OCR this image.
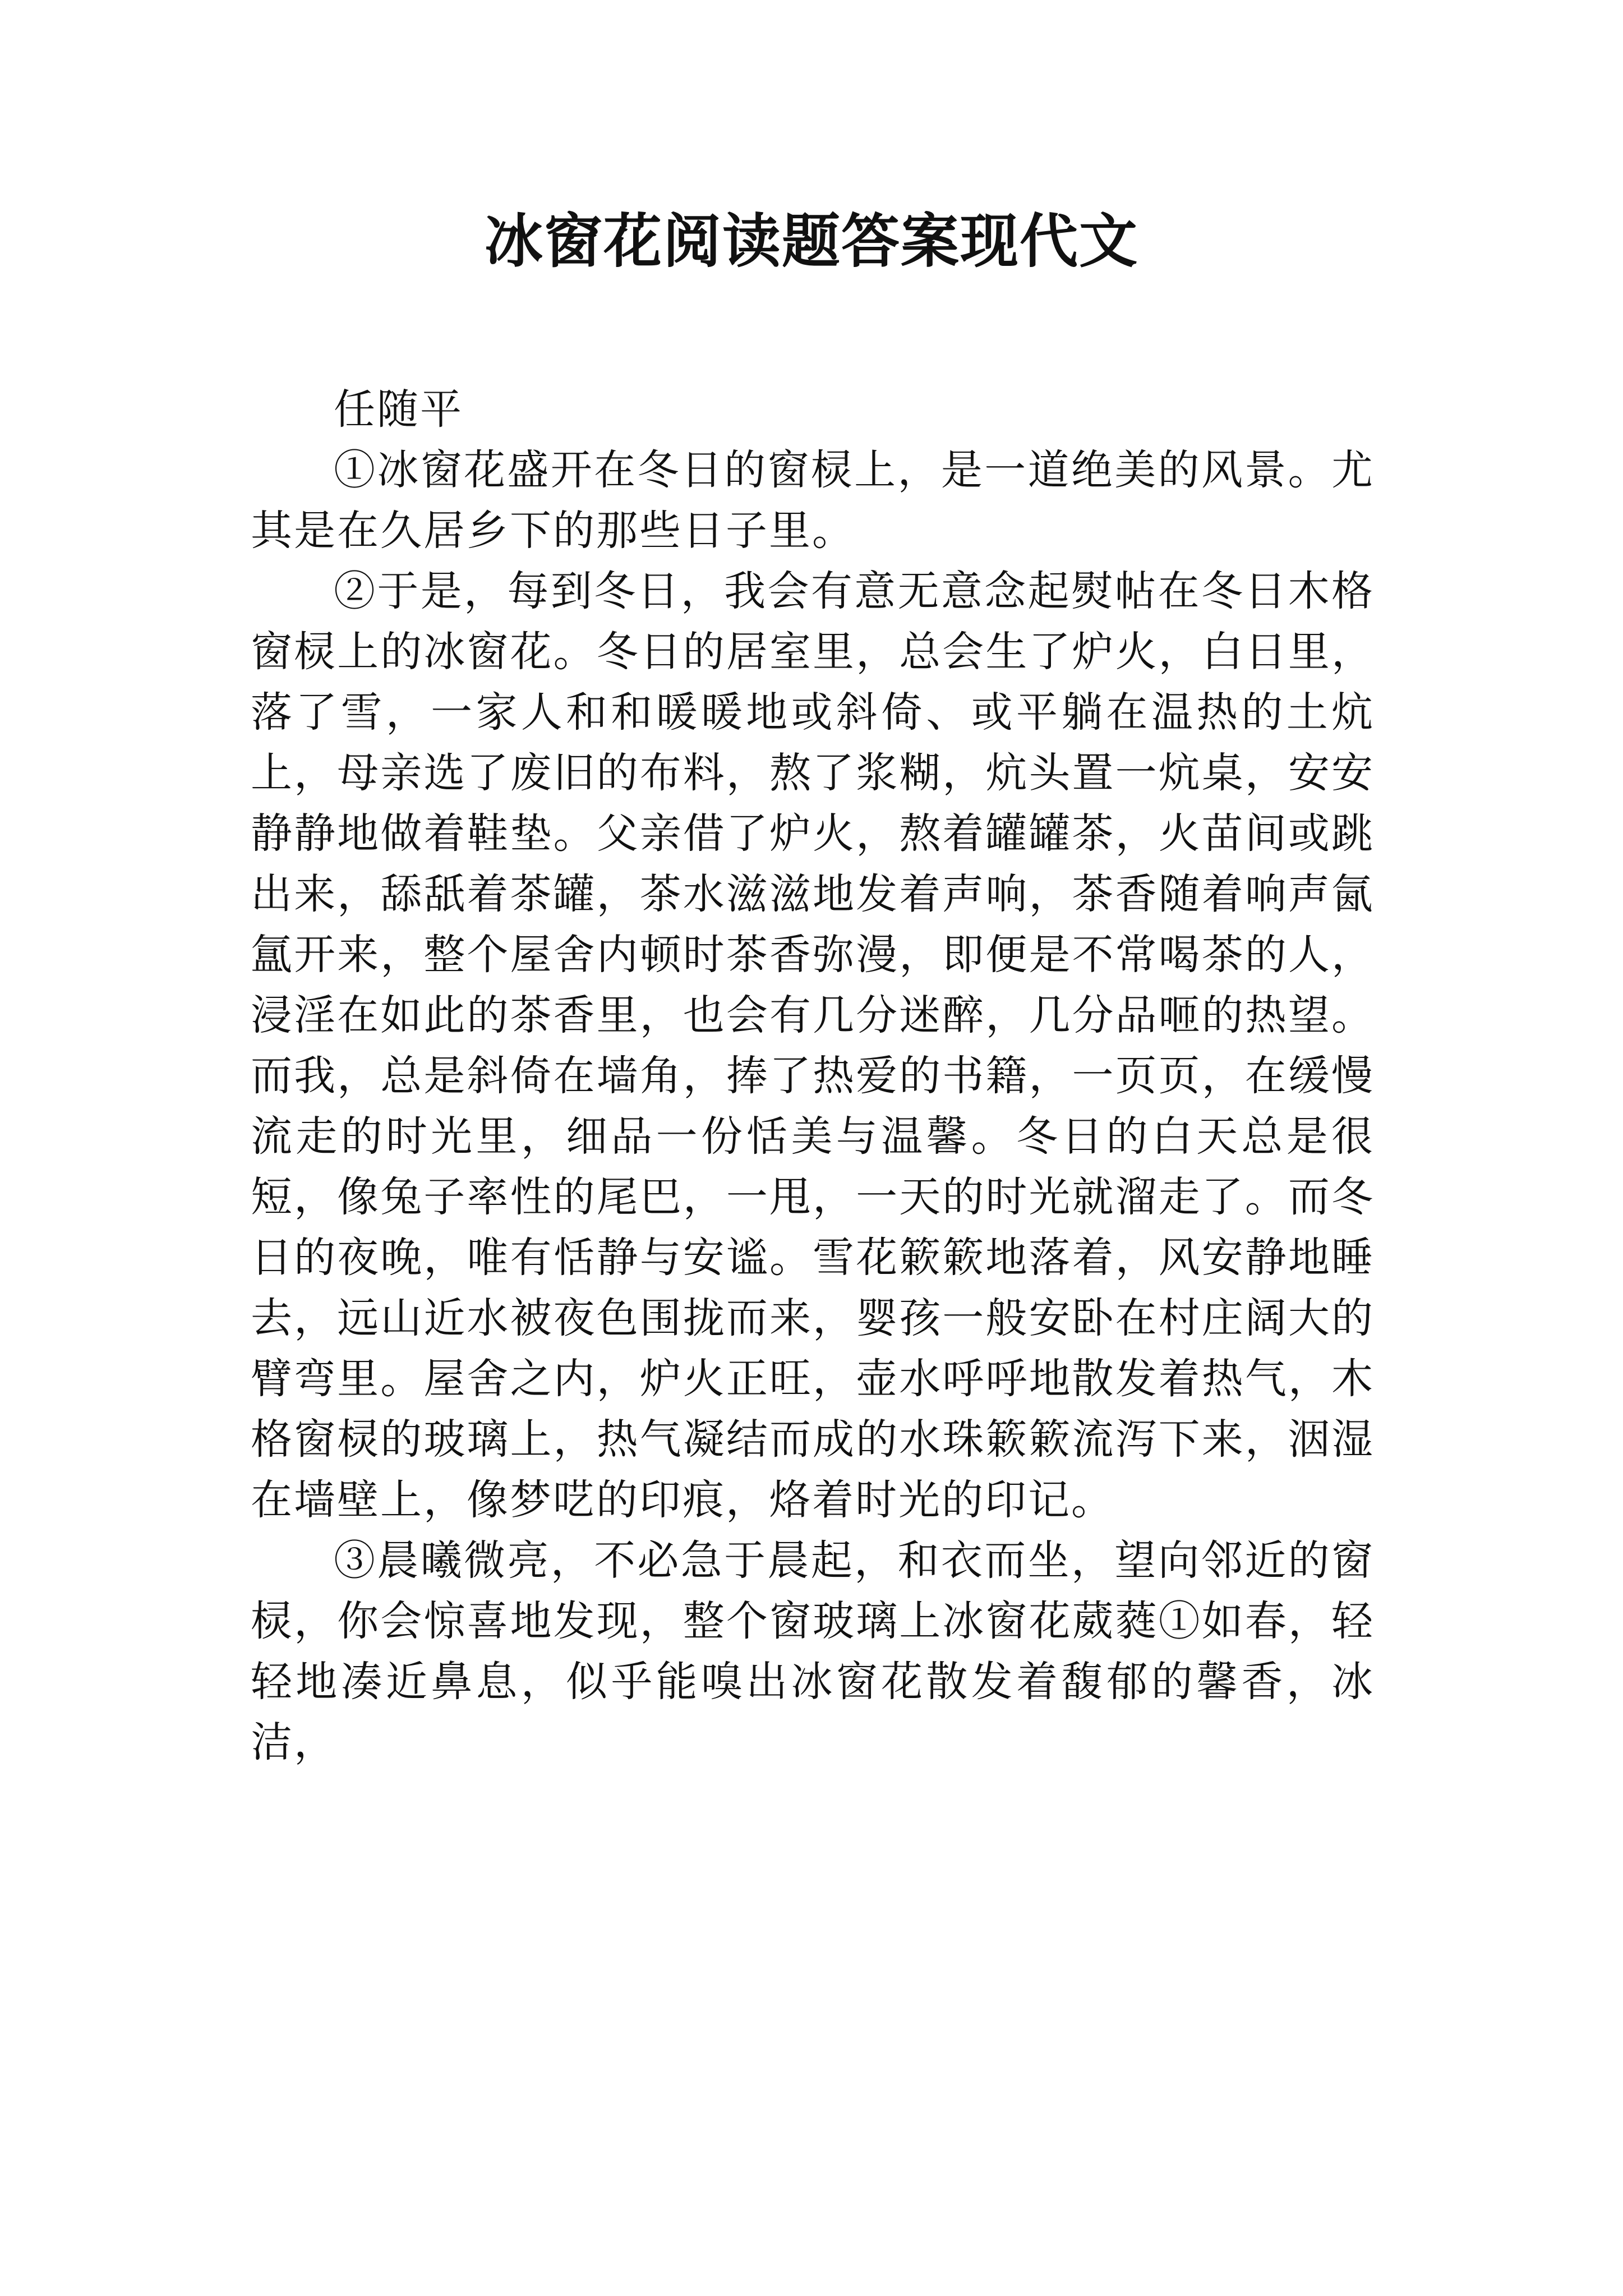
冰窗花阅读题答案现代文

任随平

①冰窗花盛开在冬日的窗棂上，是一道绝美的风景。尤其是在久居乡下的那些日子里。

②于是，每到冬日，我会有意无意念起熨帖在冬日木格窗棂上的冰窗花。冬日的居室里，总会生了炉火，白日里，落了雪，一家人和和暖暖地或斜倚、或平躺在温热的土炕上，母亲选了废旧的布料，熬了浆糊，炕头置一炕桌，安安静静地做着鞋垫。父亲借了炉火，熬着罐罐茶，火苗间或跳出来，舔舐着茶罐，茶水滋滋地发着声响，茶香随着响声氤氲开来，整个屋舍内顿时茶香弥漫，即便是不常喝茶的人，浸淫在如此的茶香里，也会有几分迷醉，几分品咂的热望。而我，总是斜倚在墙角，捧了热爱的书籍，一页页，在缓慢流走的时光里，细品一份恬美与温馨。冬日的白天总是很短，像兔子率性的尾巴，一甩，一天的时光就溜走了。而冬日的夜晚，唯有恬静与安谧。雪花簌簌地落着，风安静地睡去，远山近水被夜色围拢而来，婴孩一般安卧在村庄阔大的臂弯里。屋舍之内，炉火正旺，壶水呼呼地散发着热气，木格窗棂的玻璃上，热气凝结而成的水珠簌簌流泻下来，洇湿在墙壁上，像梦呓的印痕，烙着时光的印记。

③晨曦微亮，不必急于晨起，和衣而坐，望向邻近的窗棂，你会惊喜地发现，整个窗玻璃上冰窗花葳蕤①如春，轻轻地凑近鼻息，似乎能嗅出冰窗花散发着馥郁的馨香，冰洁，
